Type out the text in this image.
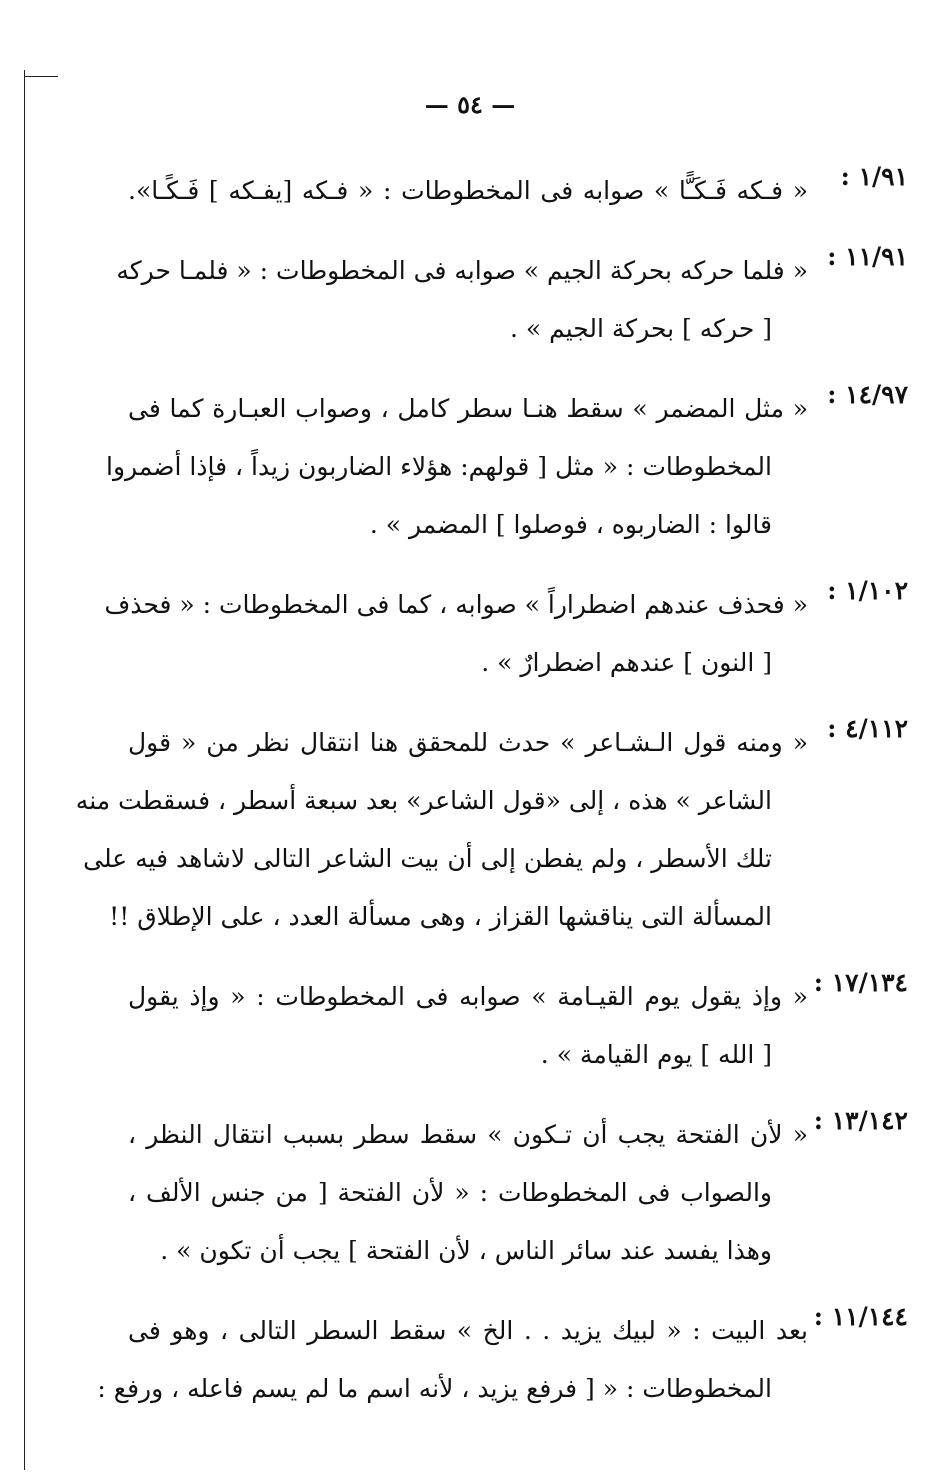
— ٥٤ —
١/٩١ :
« فـكه فَـكَـًّا » صوابه فى المخطوطات : « فـكه [يفـكه ] فَـكًـا».
١١/٩١ :
« فلما حركه بحركة الجيم » صوابه فى المخطوطات : « فلمـا حركه
[ حركه ] بحركة الجيم » .
١٤/٩٧ :
« مثل المضمر » سقط هنـا سطر كامل ، وصواب العبـارة كما فى
المخطوطات : « مثل [ قولهم: هؤلاء الضاربون زيداً ، فإذا أضمروا
قالوا : الضاربوه ، فوصلوا ] المضمر » .
١/١٠٢ :
« فحذف عندهم اضطراراً » صوابه ، كما فى المخطوطات : « فحذف
[ النون ] عندهم اضطرارٌ » .
٤/١١٢ :
« ومنه قول الـشـاعر » حدث للمحقق هنا انتقال نظر من « قول
الشاعر » هذه ، إلى «قول الشاعر» بعد سبعة أسطر ، فسقطت منه
تلك الأسطر ، ولم يفطن إلى أن بيت الشاعر التالى لاشاهد فيه على
المسألة التى يناقشها القزاز ، وهى مسألة العدد ، على الإطلاق !!
١٧/١٣٤ :
« وإذ يقول يوم القيـامة » صوابه فى المخطوطات : « وإذ يقول
[ الله ] يوم القيامة » .
١٣/١٤٢ :
« لأن الفتحة يجب أن تـكون » سقط سطر بسبب انتقال النظر ،
والصواب فى المخطوطات : « لأن الفتحة [ من جنس الألف ،
وهذا يفسد عند سائر الناس ، لأن الفتحة ] يجب أن تكون » .
١١/١٤٤ :
بعد البيت : « لبيك يزيد . . الخ » سقط السطر التالى ، وهو فى
المخطوطات : « [ فرفع يزيد ، لأنه اسم ما لم يسم فاعله ، ورفع :
